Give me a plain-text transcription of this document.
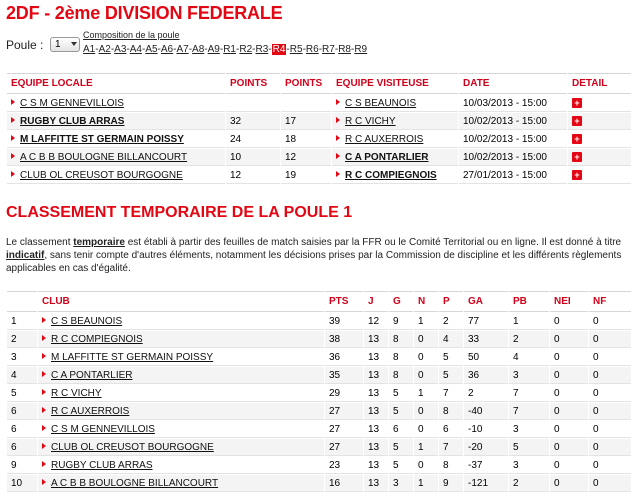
2DF - 2ème DIVISION FEDERALE
Poule : 1
Composition de la poule
A1-A2-A3-A4-A5-A6-A7-A8-A9-R1-R2-R3-R4-R5-R6-R7-R8-R9
EQUIPE LOCALE	POINTS	POINTS	EQUIPE VISITEUSE	DATE	DETAIL
C S M GENNEVILLOIS			C S BEAUNOIS	10/03/2013 - 15:00	+
RUGBY CLUB ARRAS	32	17	R C VICHY	10/02/2013 - 15:00	+
M LAFFITTE ST GERMAIN POISSY	24	18	R C AUXERROIS	10/02/2013 - 15:00	+
A C B B BOULOGNE BILLANCOURT	10	12	C A PONTARLIER	10/02/2013 - 15:00	+
CLUB OL CREUSOT BOURGOGNE	12	19	R C COMPIEGNOIS	27/01/2013 - 15:00	+
CLASSEMENT TEMPORAIRE DE LA POULE 1
Le classement temporaire est établi à partir des feuilles de match saisies par la FFR ou le Comité Territorial ou en ligne. Il est donné à titre indicatif, sans tenir compte d'autres éléments, notamment les décisions prises par la Commission de discipline et les différents règlements applicables en cas d'égalité.
	CLUB	PTS	J	G	N	P	GA	PB	NEI	NF
1	C S BEAUNOIS	39	12	9	1	2	77	1	0	0
2	R C COMPIEGNOIS	38	13	8	0	4	33	2	0	0
3	M LAFFITTE ST GERMAIN POISSY	36	13	8	0	5	50	4	0	0
4	C A PONTARLIER	35	13	8	0	5	36	3	0	0
5	R C VICHY	29	13	5	1	7	2	7	0	0
6	R C AUXERROIS	27	13	5	0	8	-40	7	0	0
6	C S M GENNEVILLOIS	27	13	6	0	6	-10	3	0	0
6	CLUB OL CREUSOT BOURGOGNE	27	13	5	1	7	-20	5	0	0
9	RUGBY CLUB ARRAS	23	13	5	0	8	-37	3	0	0
10	A C B B BOULOGNE BILLANCOURT	16	13	3	1	9	-121	2	0	0
